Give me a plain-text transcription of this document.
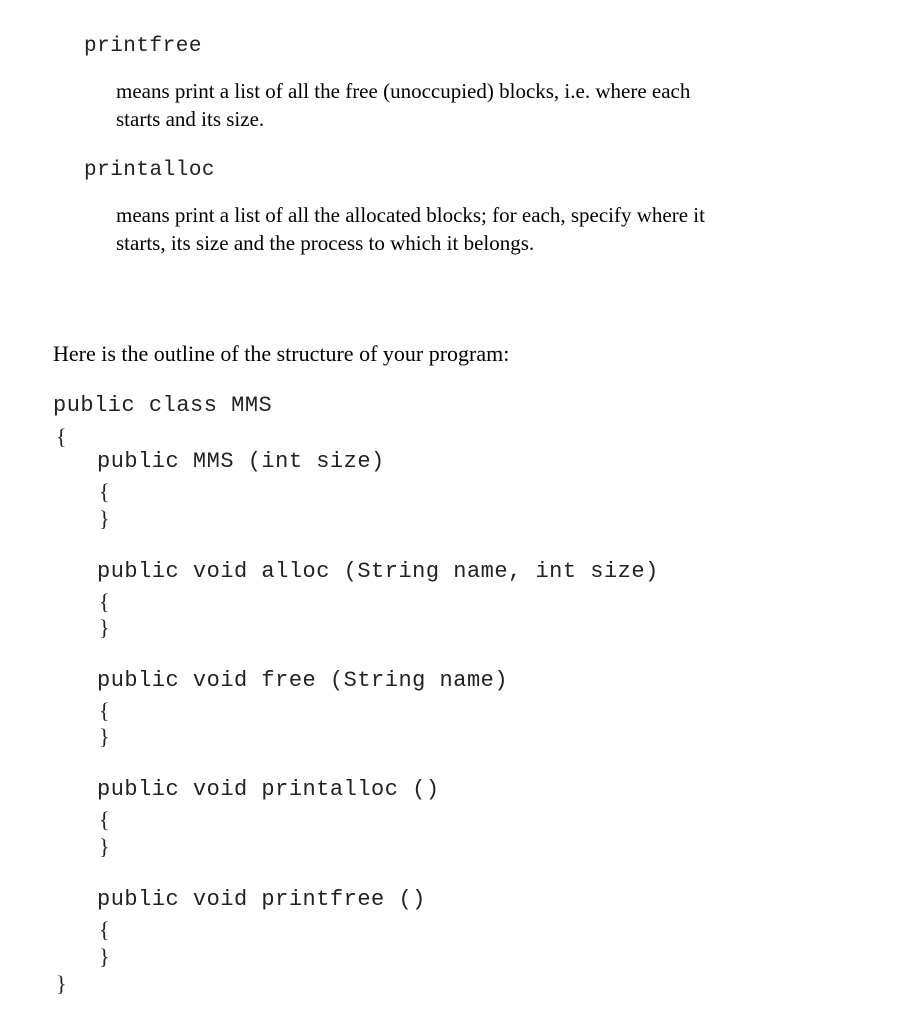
printfree
means print a list of all the free (unoccupied) blocks, i.e. where each
starts and its size.
printalloc
means print a list of all the allocated blocks; for each, specify where it
starts, its size and the process to which it belongs.
Here is the outline of the structure of your program:
public class MMS
{
public MMS (int size)
{
}
public void alloc (String name, int size)
{
}
public void free (String name)
{
}
public void printalloc ()
{
}
public void printfree ()
{
}
}
